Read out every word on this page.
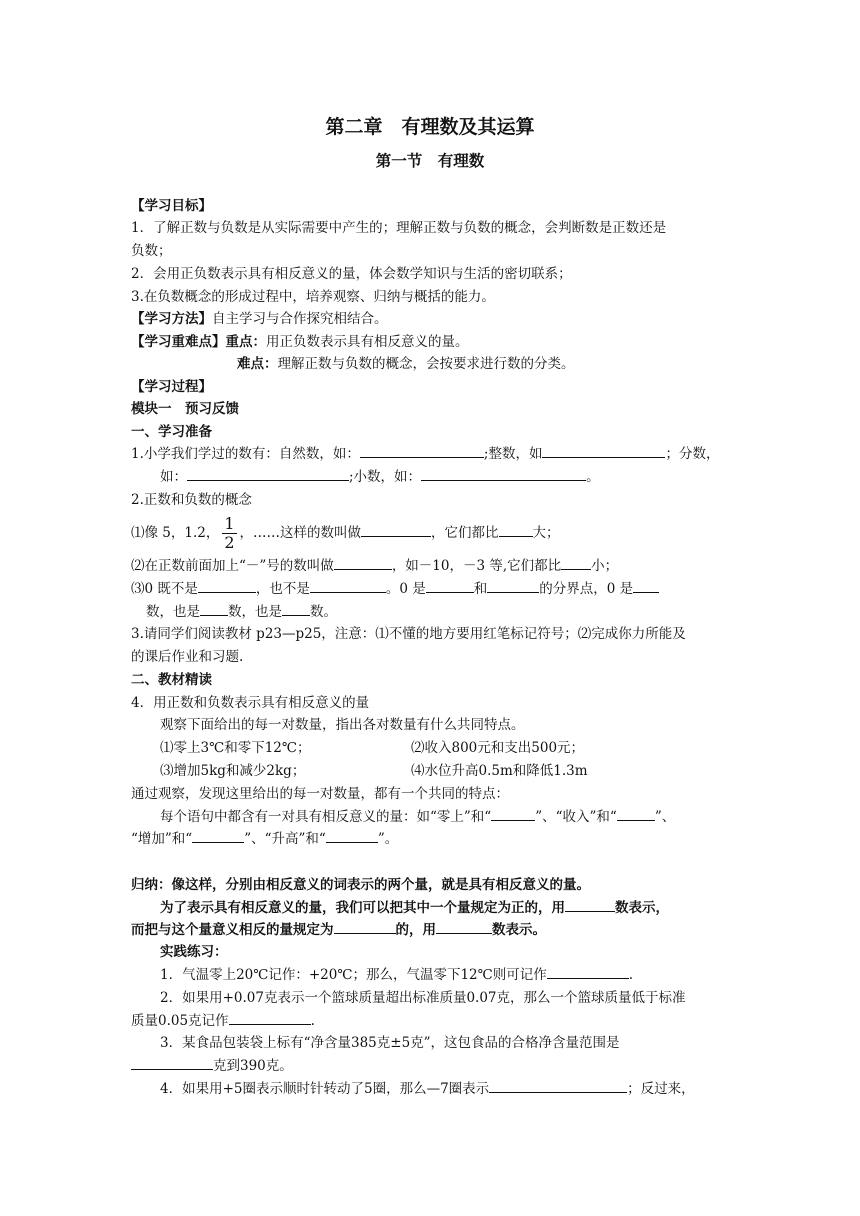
第二章　有理数及其运算
第一节　有理数
【学习目标】
1．了解正数与负数是从实际需要中产生的；理解正数与负数的概念，会判断数是正数还是
负数；
2．会用正负数表示具有相反意义的量，体会数学知识与生活的密切联系；
3.在负数概念的形成过程中，培养观察、归纳与概括的能力。
【学习方法】自主学习与合作探究相结合。
【学习重难点】重点：用正负数表示具有相反意义的量。
难点：理解正数与负数的概念，会按要求进行数的分类。
【学习过程】
模块一　预习反馈
一、学习准备
1.小学我们学过的数有：自然数，如：	;整数，如	；分数，
如：	;小数，如：	。
2.正数和负数的概念
⑴像 5，1.2， $\frac{1}{2}$ ，……这样的数叫做	，它们都比	大；
⑵在正数前面加上“－”号的数叫做	，如－10，－3 等,它们都比 小；
⑶0 既不是	，也不是	。0 是	和	的分界点，0 是
数，也是 数，也是 数。
3.请同学们阅读教材 p23—p25，注意：⑴不懂的地方要用红笔标记符号；⑵完成你力所能及
的课后作业和习题.
二、教材精读
4．用正数和负数表示具有相反意义的量
观察下面给出的每一对数量，指出各对数量有什么共同特点。
⑴零上3℃和零下12℃；	⑵收入800元和支出500元；
⑶增加5kg和减少2kg；	⑷水位升高0.5m和降低1.3m
通过观察，发现这里给出的每一对数量，都有一个共同的特点：
每个语句中都含有一对具有相反意义的量：如“零上”和“	”、“收入”和“	”、
“增加”和“	”、“升高”和“	”。
归纳：像这样，分别由相反意义的词表示的两个量，就是具有相反意义的量。
为了表示具有相反意义的量，我们可以把其中一个量规定为正的，用	数表示，
而把与这个量意义相反的量规定为	的，用	数表示。
实践练习：
1．气温零上20℃记作：+20℃；那么，气温零下12℃则可记作	.
2．如果用+0.07克表示一个篮球质量超出标准质量0.07克，那么一个篮球质量低于标准
质量0.05克记作	.
3．某食品包装袋上标有“净含量385克±5克”，这包食品的合格净含量范围是
克到390克。
4．如果用+5圈表示顺时针转动了5圈，那么—7圈表示	；反过来，
